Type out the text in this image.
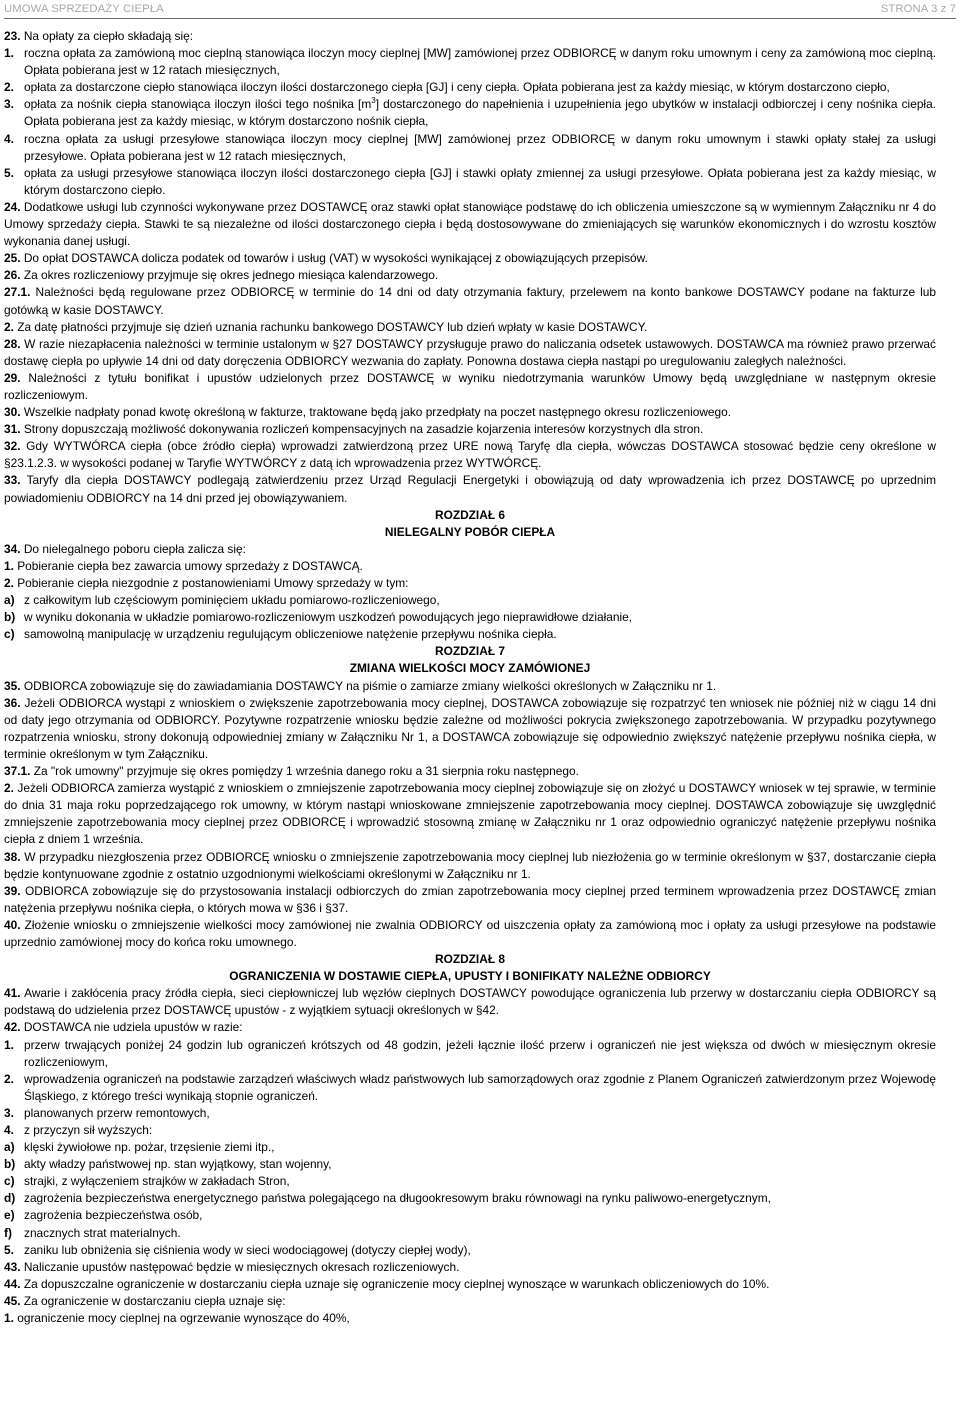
UMOWA SPRZEDAŻY CIEPŁA	STRONA 3 z 7
23. Na opłaty za ciepło składają się:
1. roczna opłata za zamówioną moc cieplną stanowiąca iloczyn mocy cieplnej [MW] zamówionej przez ODBIORCĘ w danym roku umownym i ceny za zamówioną moc cieplną. Opłata pobierana jest w 12 ratach miesięcznych,
2. opłata za dostarczone ciepło stanowiąca iloczyn ilości dostarczonego ciepła [GJ] i ceny ciepła. Opłata pobierana jest za każdy miesiąc, w którym dostarczono ciepło,
3. opłata za nośnik ciepła stanowiąca iloczyn ilości tego nośnika $[m^3]$ dostarczonego do napełnienia i uzupełnienia jego ubytków w instalacji odbiorczej i ceny nośnika ciepła. Opłata pobierana jest za każdy miesiąc, w którym dostarczono nośnik ciepła,
4. roczna opłata za usługi przesyłowe stanowiąca iloczyn mocy cieplnej [MW] zamówionej przez ODBIORCĘ w danym roku umownym i stawki opłaty stałej za usługi przesyłowe. Opłata pobierana jest w 12 ratach miesięcznych,
5. opłata za usługi przesyłowe stanowiąca iloczyn ilości dostarczonego ciepła [GJ] i stawki opłaty zmiennej za usługi przesyłowe. Opłata pobierana jest za każdy miesiąc, w którym dostarczono ciepło.
24. Dodatkowe usługi lub czynności wykonywane przez DOSTAWCĘ oraz stawki opłat stanowiące podstawę do ich obliczenia umieszczone są w wymiennym Załączniku nr 4 do Umowy sprzedaży ciepła. Stawki te są niezależne od ilości dostarczonego ciepła i będą dostosowywane do zmieniających się warunków ekonomicznych i do wzrostu kosztów wykonania danej usługi.
25. Do opłat DOSTAWCA dolicza podatek od towarów i usług (VAT) w wysokości wynikającej z obowiązujących przepisów.
26. Za okres rozliczeniowy przyjmuje się okres jednego miesiąca kalendarzowego.
27.1. Należności będą regulowane przez ODBIORCĘ w terminie do 14 dni od daty otrzymania faktury, przelewem na konto bankowe DOSTAWCY podane na fakturze lub gotówką w kasie DOSTAWCY.
2. Za datę płatności przyjmuje się dzień uznania rachunku bankowego DOSTAWCY lub dzień wpłaty w kasie DOSTAWCY.
28. W razie niezapłacenia należności w terminie ustalonym w §27 DOSTAWCY przysługuje prawo do naliczania odsetek ustawowych. DOSTAWCA ma również prawo przerwać dostawę ciepła po upływie 14 dni od daty doręczenia ODBIORCY wezwania do zapłaty. Ponowna dostawa ciepła nastąpi po uregulowaniu zaległych należności.
29. Należności z tytułu bonifikat i upustów udzielonych przez DOSTAWCĘ w wyniku niedotrzymania warunków Umowy będą uwzględniane w następnym okresie rozliczeniowym.
30. Wszelkie nadpłaty ponad kwotę określoną w fakturze, traktowane będą jako przedpłaty na poczet następnego okresu rozliczeniowego.
31. Strony dopuszczają możliwość dokonywania rozliczeń kompensacyjnych na zasadzie kojarzenia interesów korzystnych dla stron.
32. Gdy WYTWÓRCA ciepła (obce źródło ciepła) wprowadzi zatwierdzoną przez URE nową Taryfę dla ciepła, wówczas DOSTAWCA stosować będzie ceny określone w §23.1.2.3. w wysokości podanej w Taryfie WYTWÓRCY z datą ich wprowadzenia przez WYTWÓRCĘ.
33. Taryfy dla ciepła DOSTAWCY podlegają zatwierdzeniu przez Urząd Regulacji Energetyki i obowiązują od daty wprowadzenia ich przez DOSTAWCĘ po uprzednim powiadomieniu ODBIORCY na 14 dni przed jej obowiązywaniem.
ROZDZIAŁ 6
NIELEGALNY POBÓR CIEPŁA
34. Do nielegalnego poboru ciepła zalicza się:
1. Pobieranie ciepła bez zawarcia umowy sprzedaży z DOSTAWCĄ.
2. Pobieranie ciepła niezgodnie z postanowieniami Umowy sprzedaży w tym:
a) z całkowitym lub częściowym pominięciem układu pomiarowo-rozliczeniowego,
b) w wyniku dokonania w układzie pomiarowo-rozliczeniowym uszkodzeń powodujących jego nieprawidłowe działanie,
c) samowolną manipulację w urządzeniu regulującym obliczeniowe natężenie przepływu nośnika ciepła.
ROZDZIAŁ 7
ZMIANA WIELKOŚCI MOCY ZAMÓWIONEJ
35. ODBIORCA zobowiązuje się do zawiadamiania DOSTAWCY na piśmie o zamiarze zmiany wielkości określonych w Załączniku nr 1.
36. Jeżeli ODBIORCA wystąpi z wnioskiem o zwiększenie zapotrzebowania mocy cieplnej, DOSTAWCA zobowiązuje się rozpatrzyć ten wniosek nie później niż w ciągu 14 dni od daty jego otrzymania od ODBIORCY. Pozytywne rozpatrzenie wniosku będzie zależne od możliwości pokrycia zwiększonego zapotrzebowania. W przypadku pozytywnego rozpatrzenia wniosku, strony dokonują odpowiedniej zmiany w Załączniku Nr 1, a DOSTAWCA zobowiązuje się odpowiednio zwiększyć natężenie przepływu nośnika ciepła, w terminie określonym w tym Załączniku.
37.1. Za "rok umowny" przyjmuje się okres pomiędzy 1 września danego roku a 31 sierpnia roku następnego.
2. Jeżeli ODBIORCA zamierza wystąpić z wnioskiem o zmniejszenie zapotrzebowania mocy cieplnej zobowiązuje się on złożyć u DOSTAWCY wniosek w tej sprawie, w terminie do dnia 31 maja roku poprzedzającego rok umowny, w którym nastąpi wnioskowane zmniejszenie zapotrzebowania mocy cieplnej. DOSTAWCA zobowiązuje się uwzględnić zmniejszenie zapotrzebowania mocy cieplnej przez ODBIORCĘ i wprowadzić stosowną zmianę w Załączniku nr 1 oraz odpowiednio ograniczyć natężenie przepływu nośnika ciepła z dniem 1 września.
38. W przypadku niezgłoszenia przez ODBIORCĘ wniosku o zmniejszenie zapotrzebowania mocy cieplnej lub niezłożenia go w terminie określonym w §37, dostarczanie ciepła będzie kontynuowane zgodnie z ostatnio uzgodnionymi wielkościami określonymi w Załączniku nr 1.
39. ODBIORCA zobowiązuje się do przystosowania instalacji odbiorczych do zmian zapotrzebowania mocy cieplnej przed terminem wprowadzenia przez DOSTAWCĘ zmian natężenia przepływu nośnika ciepła, o których mowa w §36 i §37.
40. Złożenie wniosku o zmniejszenie wielkości mocy zamówionej nie zwalnia ODBIORCY od uiszczenia opłaty za zamówioną moc i opłaty za usługi przesyłowe na podstawie uprzednio zamówionej mocy do końca roku umownego.
ROZDZIAŁ 8
OGRANICZENIA W DOSTAWIE CIEPŁA, UPUSTY I BONIFIKATY NALEŻNE ODBIORCY
41. Awarie i zakłócenia pracy źródła ciepła, sieci ciepłowniczej lub węzłów cieplnych DOSTAWCY powodujące ograniczenia lub przerwy w dostarczaniu ciepła ODBIORCY są podstawą do udzielenia przez DOSTAWCĘ upustów - z wyjątkiem sytuacji określonych w §42.
42. DOSTAWCA nie udziela upustów w razie:
1. przerw trwających poniżej 24 godzin lub ograniczeń krótszych od 48 godzin, jeżeli łącznie ilość przerw i ograniczeń nie jest większa od dwóch w miesięcznym okresie rozliczeniowym,
2. wprowadzenia ograniczeń na podstawie zarządzeń właściwych władz państwowych lub samorządowych oraz zgodnie z Planem Ograniczeń zatwierdzonym przez Wojewodę Śląskiego, z którego treści wynikają stopnie ograniczeń.
3. planowanych przerw remontowych,
4. z przyczyn sił wyższych:
a) klęski żywiołowe np. pożar, trzęsienie ziemi itp.,
b) akty władzy państwowej np. stan wyjątkowy, stan wojenny,
c) strajki, z wyłączeniem strajków w zakładach Stron,
d) zagrożenia bezpieczeństwa energetycznego państwa polegającego na długookresowym braku równowagi na rynku paliwowo-energetycznym,
e) zagrożenia bezpieczeństwa osób,
f)	znacznych strat materialnych.
5. zaniku lub obniżenia się ciśnienia wody w sieci wodociągowej (dotyczy ciepłej wody),
43. Naliczanie upustów następować będzie w miesięcznych okresach rozliczeniowych.
44. Za dopuszczalne ograniczenie w dostarczaniu ciepła uznaje się ograniczenie mocy cieplnej wynoszące w warunkach obliczeniowych do 10%.
45. Za ograniczenie w dostarczaniu ciepła uznaje się:
1. ograniczenie mocy cieplnej na ogrzewanie wynoszące do 40%,
